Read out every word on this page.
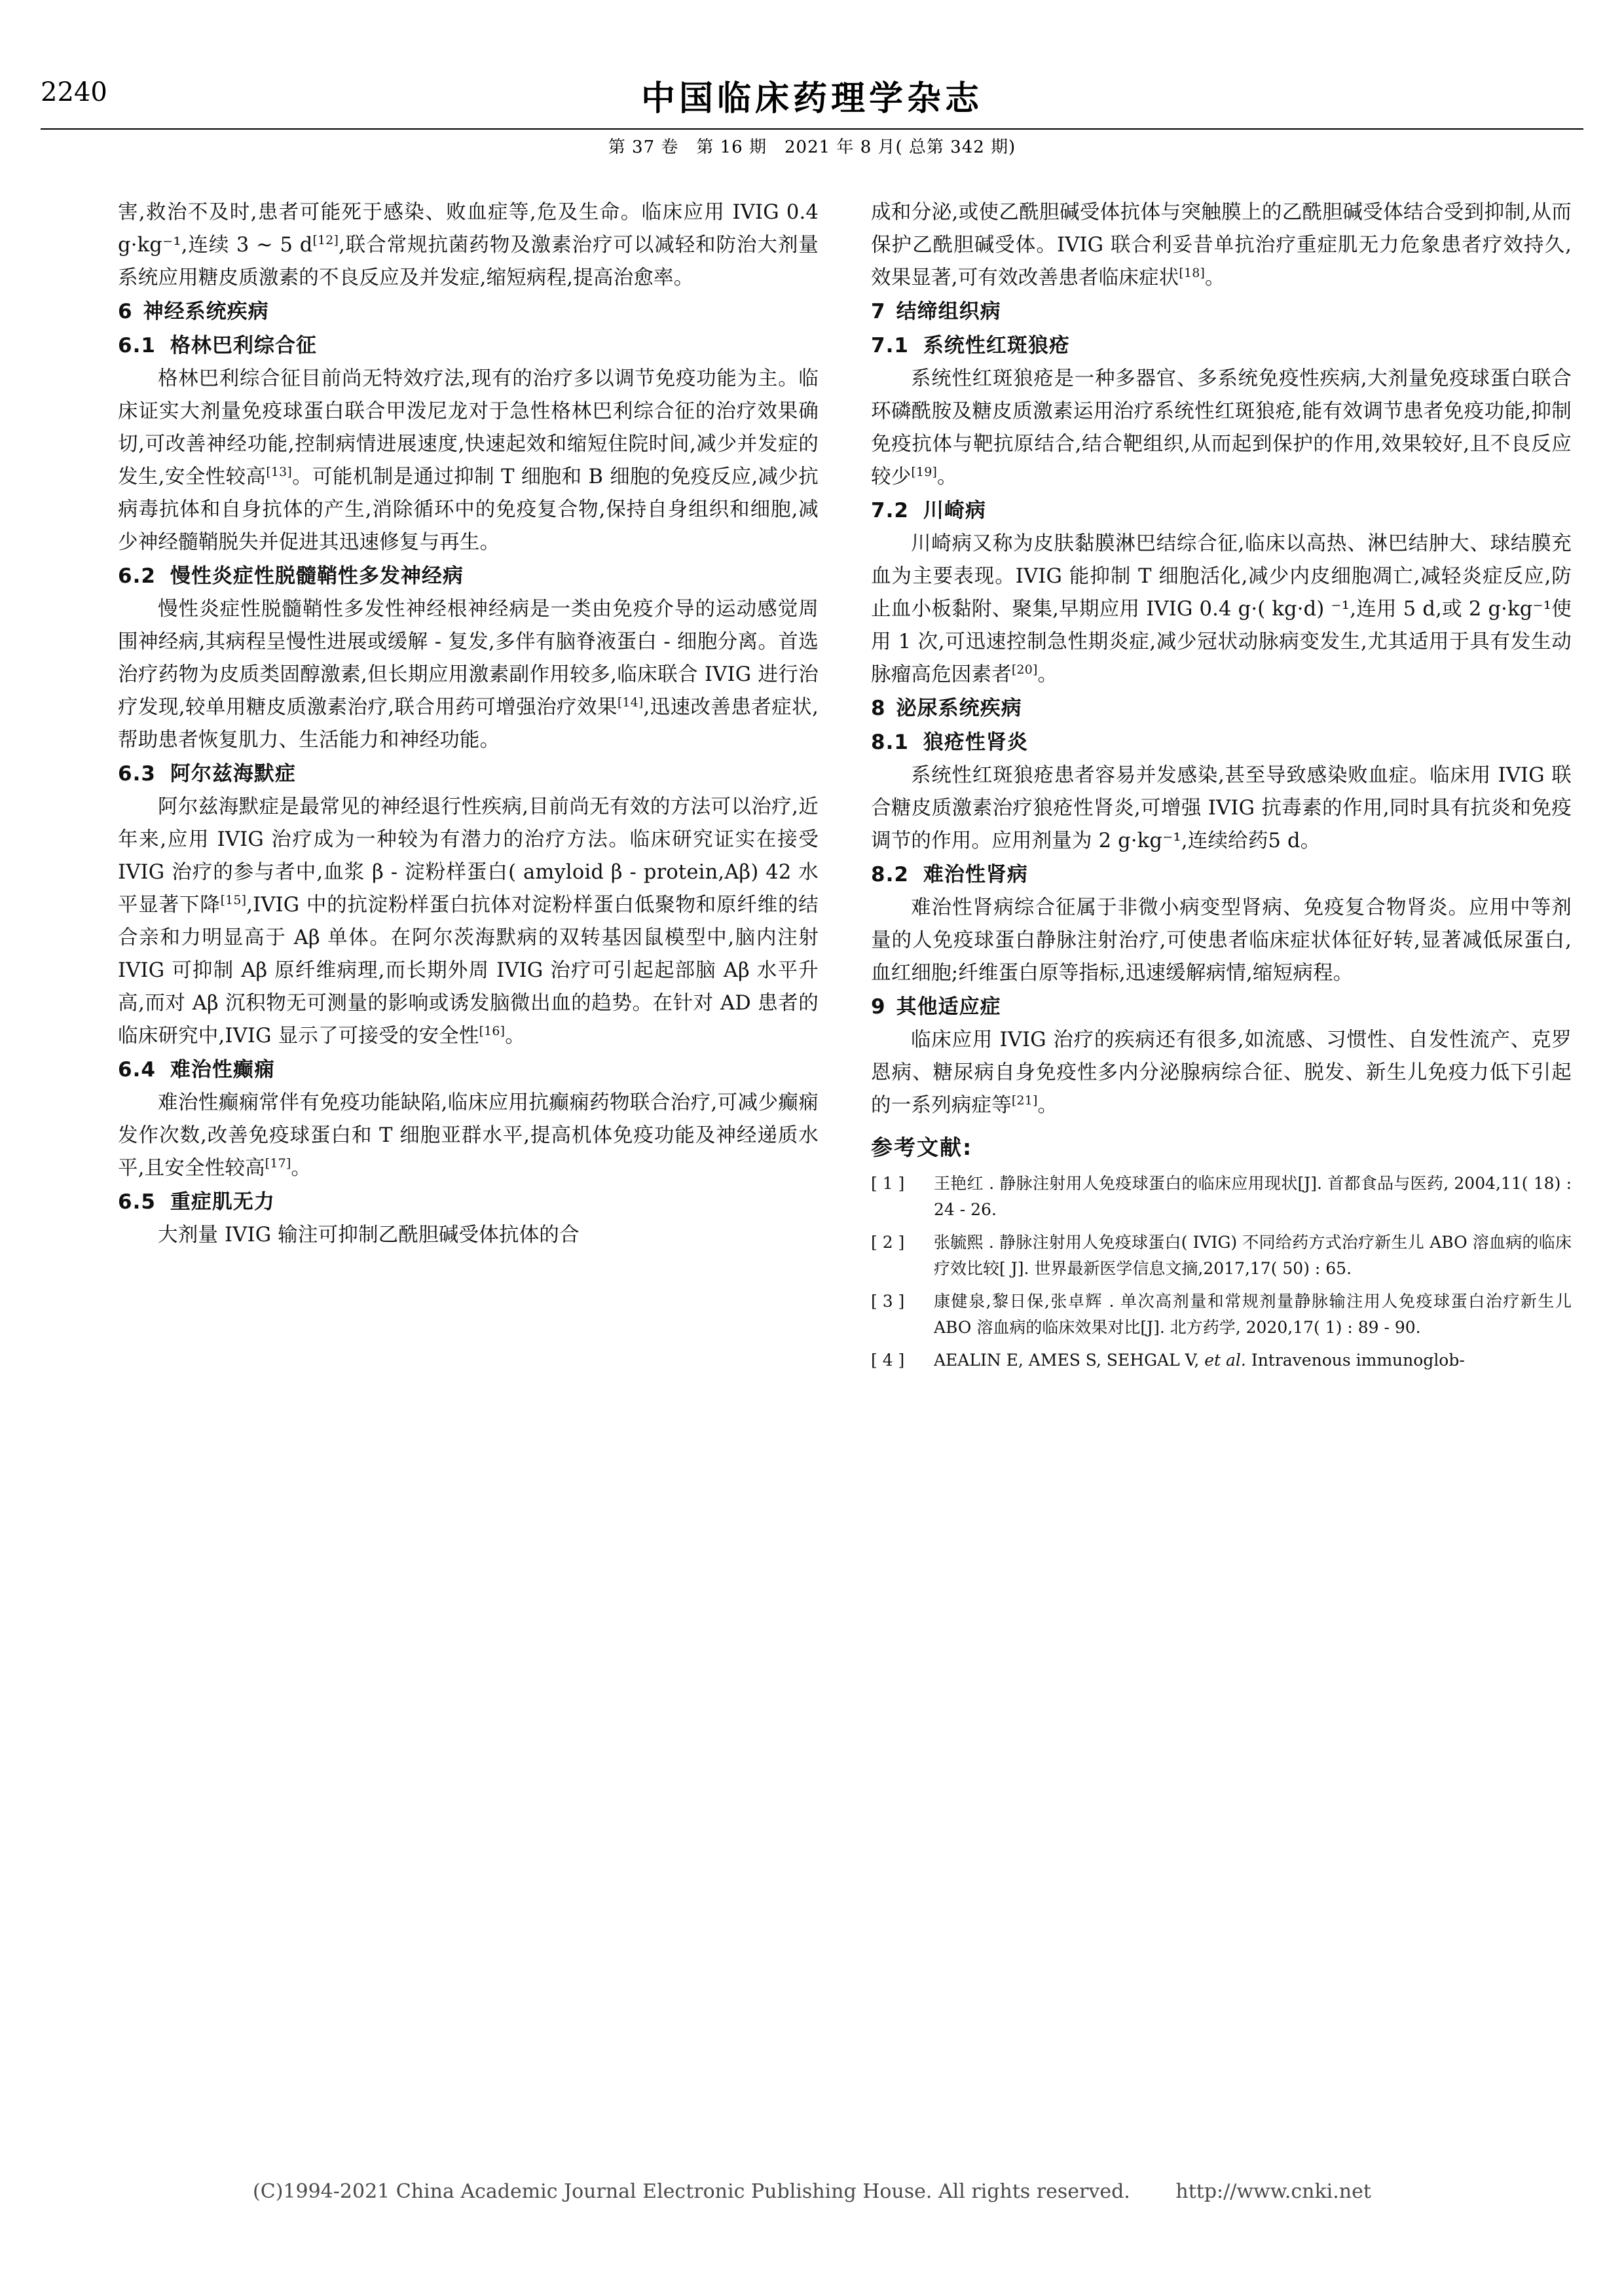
2240	中国临床药理学杂志
第 37 卷　第 16 期　2021 年 8 月( 总第 342 期)

害,救治不及时,患者可能死于感染、败血症等,危及生命。临床应用 IVIG 0.4 g·kg⁻¹,连续 3 ~ 5 d[12],联合常规抗菌药物及激素治疗可以减轻和防治大剂量系统应用糖皮质激素的不良反应及并发症,缩短病程,提高治愈率。

6 神经系统疾病
6.1 格林巴利综合征

格林巴利综合征目前尚无特效疗法,现有的治疗多以调节免疫功能为主。临床证实大剂量免疫球蛋白联合甲泼尼龙对于急性格林巴利综合征的治疗效果确切,可改善神经功能,控制病情进展速度,快速起效和缩短住院时间,减少并发症的发生,安全性较高[13]。可能机制是通过抑制 T 细胞和 B 细胞的免疫反应,减少抗病毒抗体和自身抗体的产生,消除循环中的免疫复合物,保持自身组织和细胞,减少神经髓鞘脱失并促进其迅速修复与再生。

6.2 慢性炎症性脱髓鞘性多发神经病

慢性炎症性脱髓鞘性多发性神经根神经病是一类由免疫介导的运动感觉周围神经病,其病程呈慢性进展或缓解 - 复发,多伴有脑脊液蛋白 - 细胞分离。首选治疗药物为皮质类固醇激素,但长期应用激素副作用较多,临床联合 IVIG 进行治疗发现,较单用糖皮质激素治疗,联合用药可增强治疗效果[14],迅速改善患者症状,帮助患者恢复肌力、生活能力和神经功能。

6.3 阿尔兹海默症

阿尔兹海默症是最常见的神经退行性疾病,目前尚无有效的方法可以治疗,近年来,应用 IVIG 治疗成为一种较为有潜力的治疗方法。临床研究证实在接受 IVIG 治疗的参与者中,血浆 β - 淀粉样蛋白( amyloid β - protein,Aβ) 42 水平显著下降[15],IVIG 中的抗淀粉样蛋白抗体对淀粉样蛋白低聚物和原纤维的结合亲和力明显高于 Aβ 单体。在阿尔茨海默病的双转基因鼠模型中,脑内注射 IVIG 可抑制 Aβ 原纤维病理,而长期外周 IVIG 治疗可引起起部脑 Aβ 水平升高,而对 Aβ 沉积物无可测量的影响或诱发脑微出血的趋势。在针对 AD 患者的临床研究中,IVIG 显示了可接受的安全性[16]。

6.4 难治性癫痫

难治性癫痫常伴有免疫功能缺陷,临床应用抗癫痫药物联合治疗,可减少癫痫发作次数,改善免疫球蛋白和 T 细胞亚群水平,提高机体免疫功能及神经递质水平,且安全性较高[17]。

6.5 重症肌无力

大剂量 IVIG 输注可抑制乙酰胆碱受体抗体的合

成和分泌,或使乙酰胆碱受体抗体与突触膜上的乙酰胆碱受体结合受到抑制,从而保护乙酰胆碱受体。IVIG 联合利妥昔单抗治疗重症肌无力危象患者疗效持久,效果显著,可有效改善患者临床症状[18]。

7 结缔组织病
7.1 系统性红斑狼疮

系统性红斑狼疮是一种多器官、多系统免疫性疾病,大剂量免疫球蛋白联合环磷酰胺及糖皮质激素运用治疗系统性红斑狼疮,能有效调节患者免疫功能,抑制免疫抗体与靶抗原结合,结合靶组织,从而起到保护的作用,效果较好,且不良反应较少[19]。

7.2 川崎病

川崎病又称为皮肤黏膜淋巴结综合征,临床以高热、淋巴结肿大、球结膜充血为主要表现。IVIG 能抑制 T 细胞活化,减少内皮细胞凋亡,减轻炎症反应,防止血小板黏附、聚集,早期应用 IVIG 0.4 g·( kg·d) ⁻¹,连用 5 d,或 2 g·kg⁻¹使用 1 次,可迅速控制急性期炎症,减少冠状动脉病变发生,尤其适用于具有发生动脉瘤高危因素者[20]。

8 泌尿系统疾病
8.1 狼疮性肾炎

系统性红斑狼疮患者容易并发感染,甚至导致感染败血症。临床用 IVIG 联合糖皮质激素治疗狼疮性肾炎,可增强 IVIG 抗毒素的作用,同时具有抗炎和免疫调节的作用。应用剂量为 2 g·kg⁻¹,连续给药5 d。

8.2 难治性肾病

难治性肾病综合征属于非微小病变型肾病、免疫复合物肾炎。应用中等剂量的人免疫球蛋白静脉注射治疗,可使患者临床症状体征好转,显著减低尿蛋白,血红细胞;纤维蛋白原等指标,迅速缓解病情,缩短病程。

9 其他适应症

临床应用 IVIG 治疗的疾病还有很多,如流感、习惯性、自发性流产、克罗恩病、糖尿病自身免疫性多内分泌腺病综合征、脱发、新生儿免疫力低下引起的一系列病症等[21]。

参考文献:
[ 1 ]	王艳红 . 静脉注射用人免疫球蛋白的临床应用现状[J]. 首都食品与医药, 2004,11( 18) : 24 - 26.
[ 2 ]	张毓熙 . 静脉注射用人免疫球蛋白( IVIG) 不同给药方式治疗新生儿 ABO 溶血病的临床疗效比较[ J]. 世界最新医学信息文摘,2017,17( 50) : 65.
[ 3 ]	康健泉,黎日保,张卓辉 . 单次高剂量和常规剂量静脉输注用人免疫球蛋白治疗新生儿 ABO 溶血病的临床效果对比[J]. 北方药学, 2020,17( 1) : 89 - 90.
[ 4 ]	AEALIN E, AMES S, SEHGAL V, et al. Intravenous immunoglob-
(C)1994-2021 China Academic Journal Electronic Publishing House. All rights reserved. http://www.cnki.net
